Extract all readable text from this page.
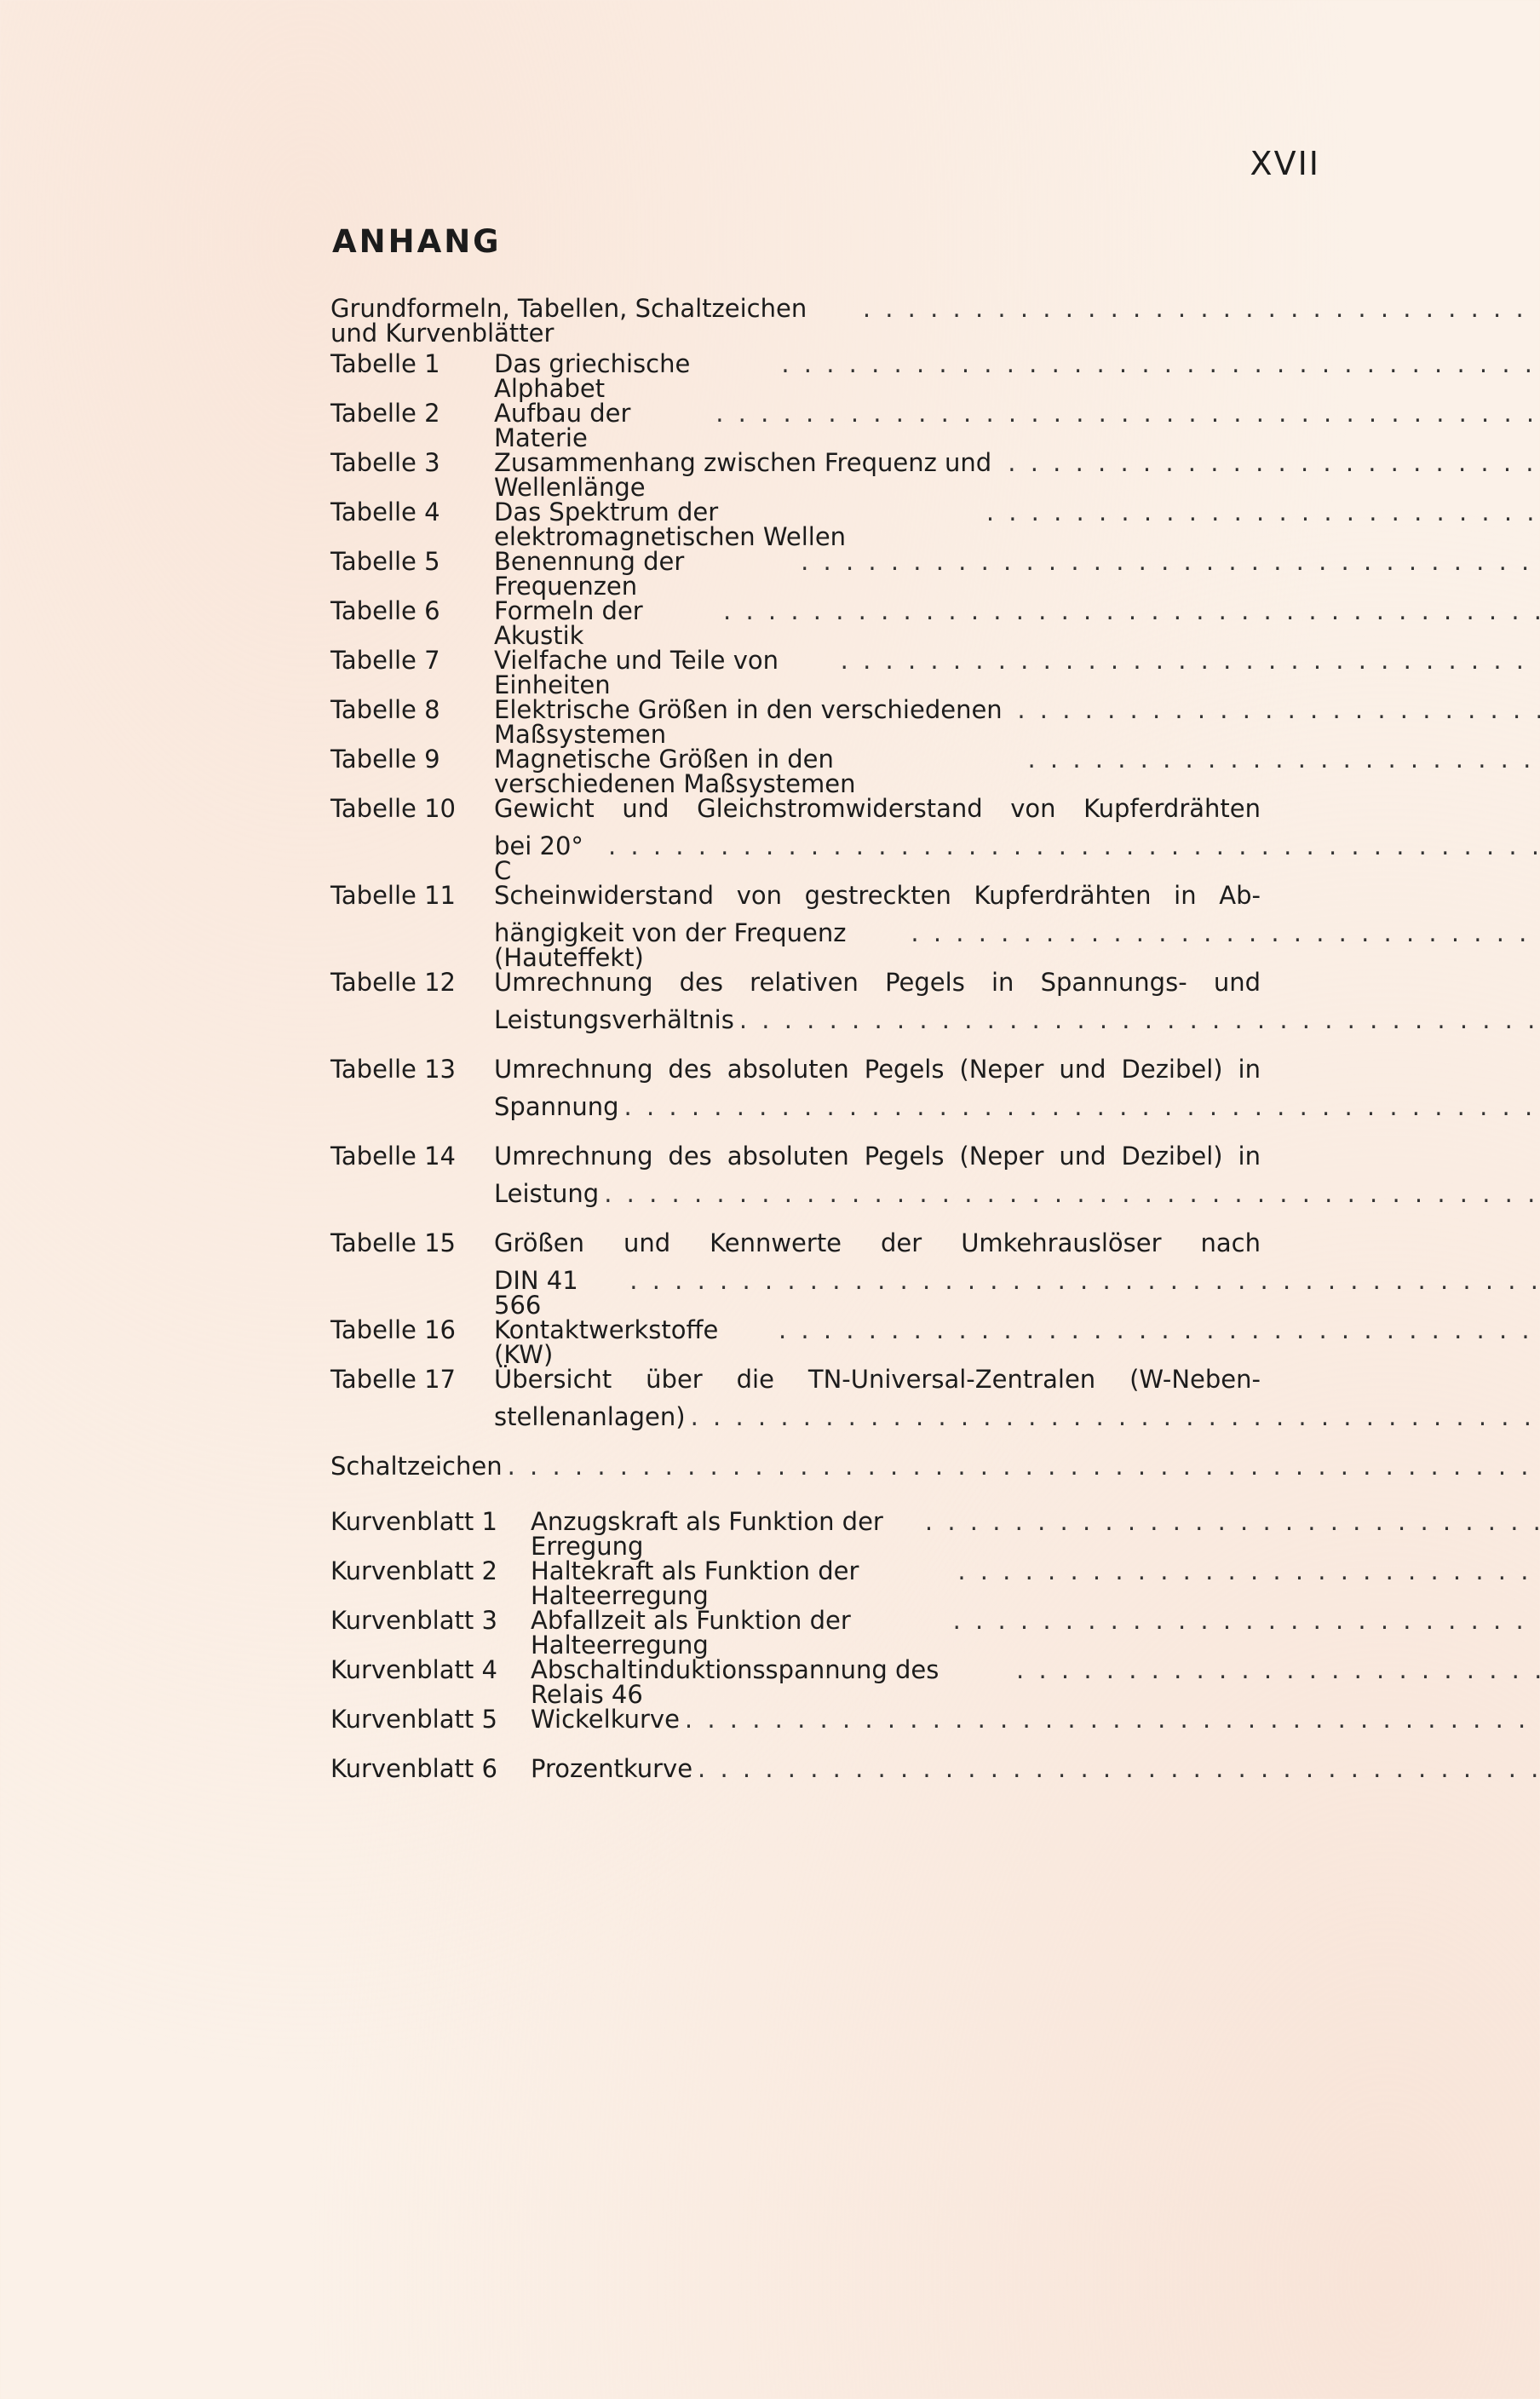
XVII
ANHANG
Grundformeln, Tabellen, Schaltzeichen und Kurvenblätter
. . .
Tabelle 1	Das griechische Alphabet
. . .
Tabelle 2	Aufbau der Materie
. . .
Tabelle 3	Zusammenhang zwischen Frequenz und Wellenlänge
. . .
Tabelle 4	Das Spektrum der elektromagnetischen Wellen
. . .
Tabelle 5	Benennung der Frequenzen
. . .
Tabelle 6	Formeln der Akustik
. . .
Tabelle 7	Vielfache und Teile von Einheiten
. . .
Tabelle 8	Elektrische Größen in den verschiedenen Maßsystemen
. . .
Tabelle 9	Magnetische Größen in den verschiedenen Maßsystemen
. . .
Tabelle 10	Gewicht und Gleichstromwiderstand von Kupferdrähten
bei 20° C
. . .
Tabelle 11	Scheinwiderstand von gestreckten Kupferdrähten in Ab-
hängigkeit von der Frequenz (Hauteffekt)
. . .
Tabelle 12	Umrechnung des relativen Pegels in Spannungs- und
Leistungsverhältnis
. . .
Tabelle 13	Umrechnung des absoluten Pegels (Neper und Dezibel) in
Spannung
. . .
Tabelle 14	Umrechnung des absoluten Pegels (Neper und Dezibel) in
Leistung
. . .
Tabelle 15	Größen und Kennwerte der Umkehrauslöser nach
DIN 41 566
. . .
Tabelle 16	Kontaktwerkstoffe (KW)
. . .
Tabelle 17	Übersicht über die TN-Universal-Zentralen (W-Neben-
stellenanlagen)
. . .
Schaltzeichen
. . .
Kurvenblatt 1	Anzugskraft als Funktion der Erregung
. . .
Kurvenblatt 2	Haltekraft als Funktion der Halteerregung
. . .
Kurvenblatt 3	Abfallzeit als Funktion der Halteerregung
. . .
Kurvenblatt 4	Abschaltinduktionsspannung des Relais 46
. . .
Kurvenblatt 5	Wickelkurve
. . .
Kurvenblatt 6	Prozentkurve
. . .
